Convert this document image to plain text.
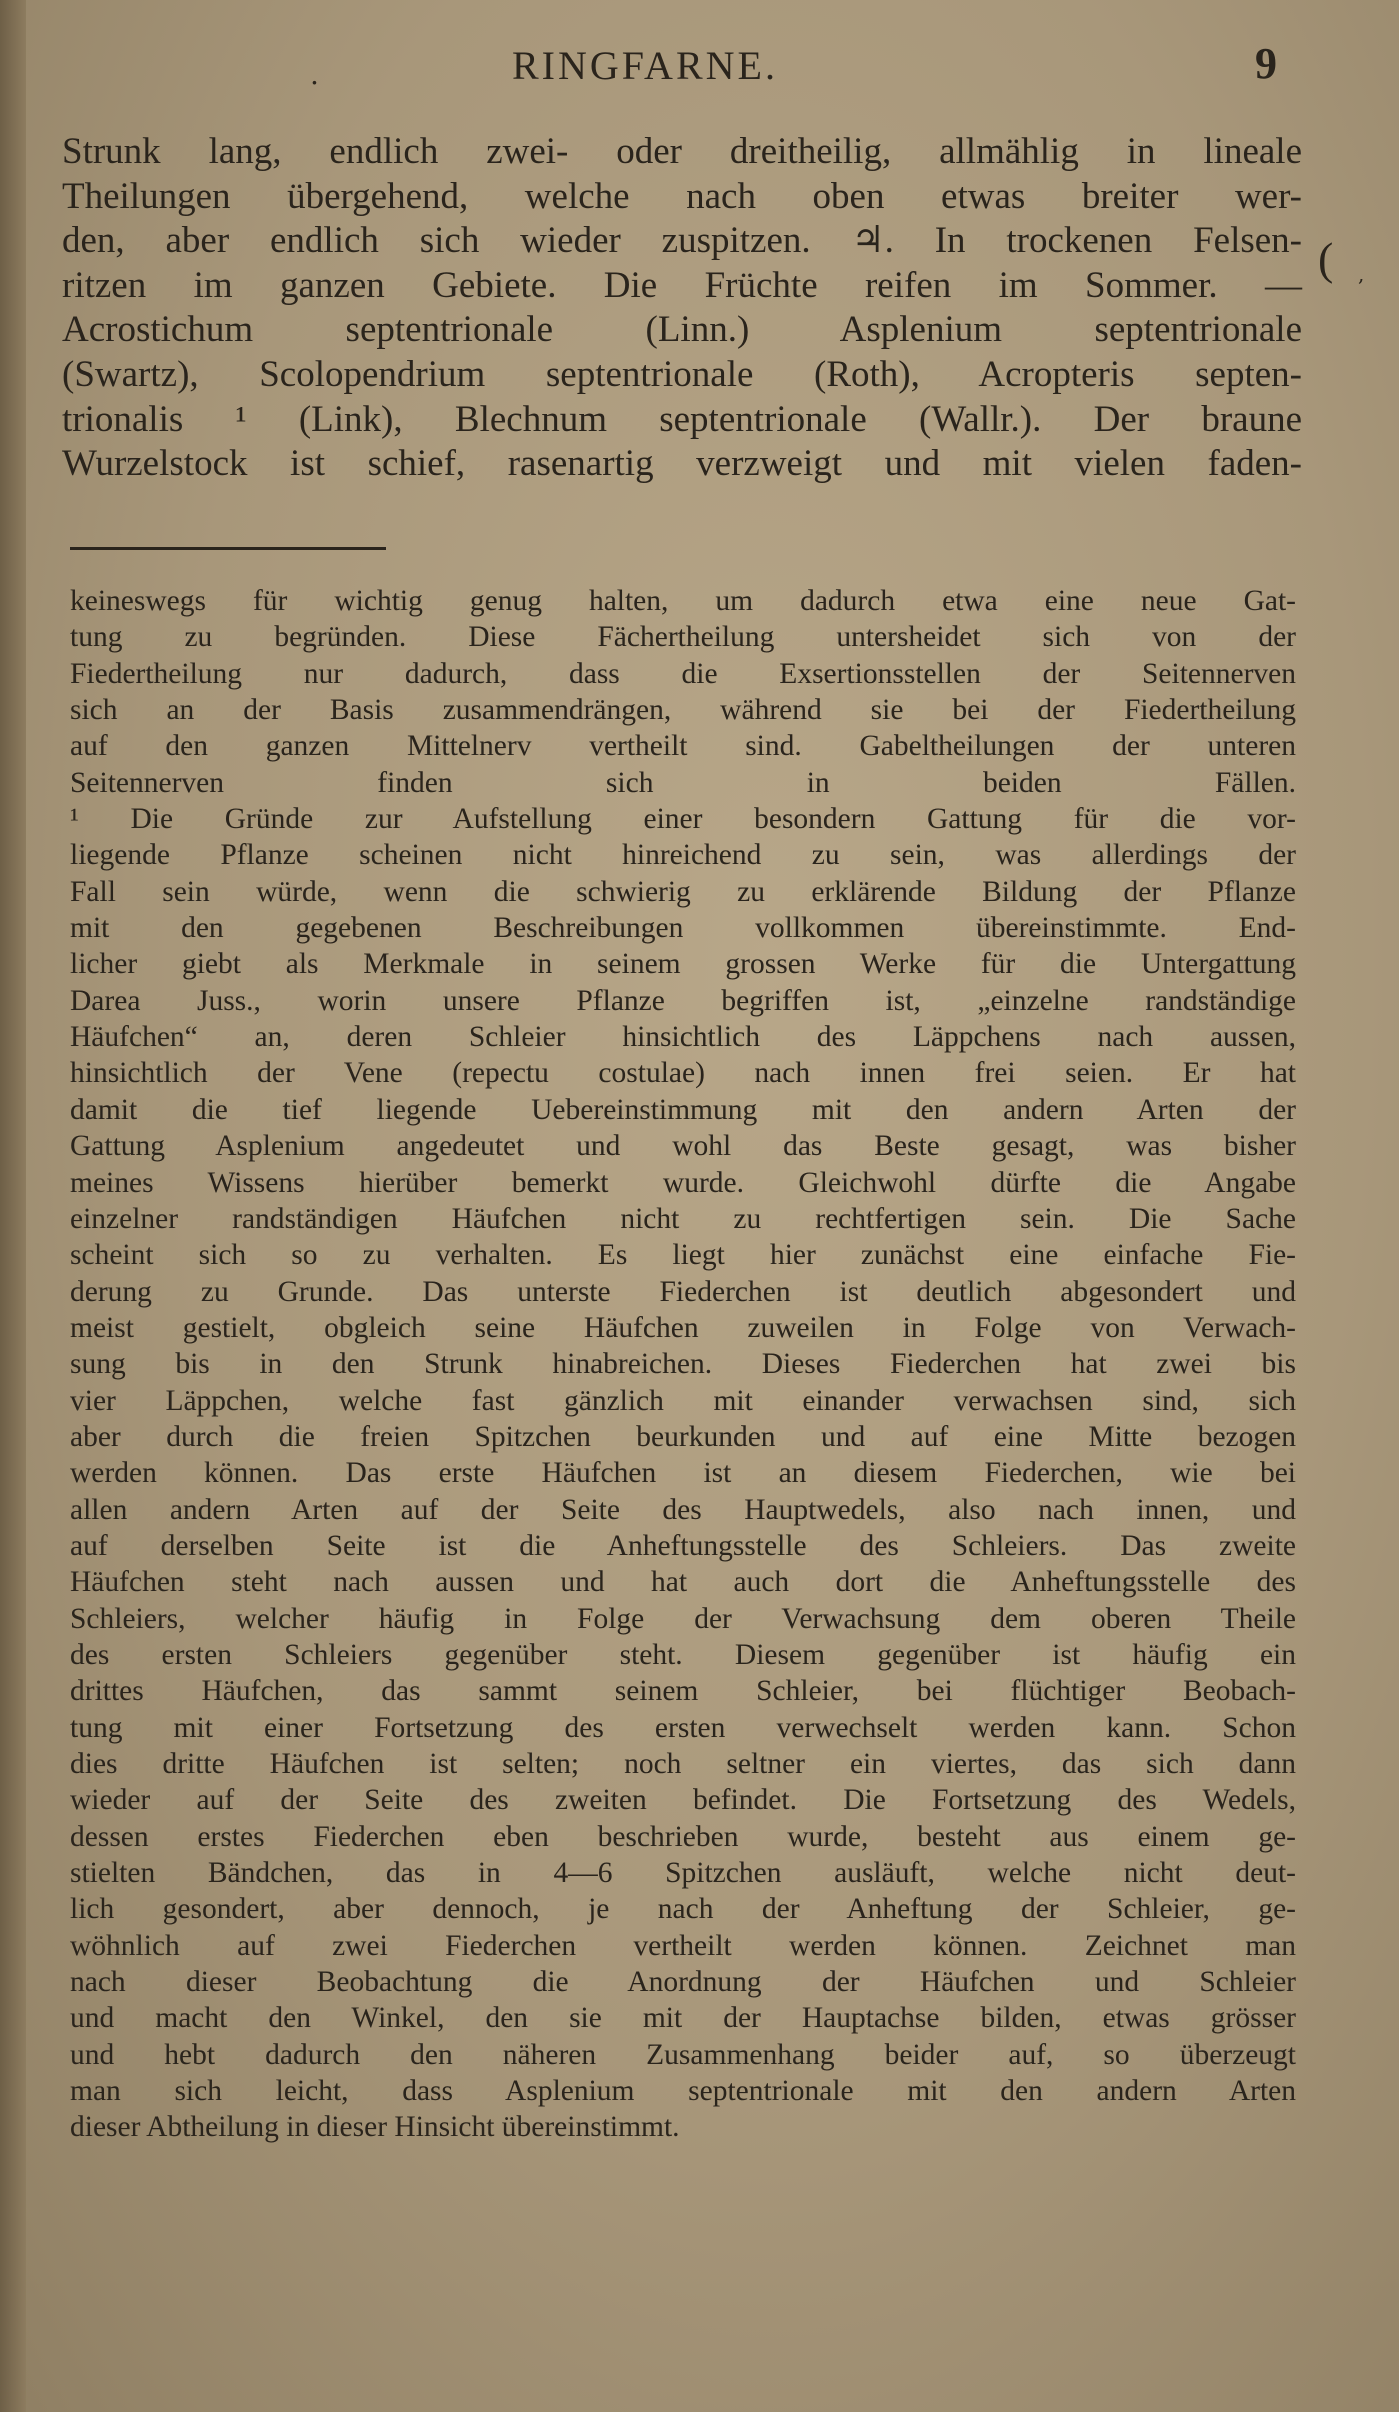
.	RINGFARNE.	9
( ,
Strunk lang, endlich zwei- oder dreitheilig, allmählig in lineale
Theilungen übergehend, welche nach oben etwas breiter wer-
den, aber endlich sich wieder zuspitzen. ♃. In trockenen Felsen-
ritzen im ganzen Gebiete. Die Früchte reifen im Sommer. —
Acrostichum septentrionale (Linn.) Asplenium septentrionale
(Swartz), Scolopendrium septentrionale (Roth), Acropteris septen-
trionalis ¹ (Link), Blechnum septentrionale (Wallr.). Der braune
Wurzelstock ist schief, rasenartig verzweigt und mit vielen faden-
keineswegs für wichtig genug halten, um dadurch etwa eine neue Gat-
tung zu begründen. Diese Fächertheilung untersheidet sich von der
Fiedertheilung nur dadurch, dass die Exsertionsstellen der Seitennerven
sich an der Basis zusammendrängen, während sie bei der Fiedertheilung
auf den ganzen Mittelnerv vertheilt sind. Gabeltheilungen der unteren
Seitennerven finden sich in beiden Fällen.
¹ Die Gründe zur Aufstellung einer besondern Gattung für die vor-
liegende Pflanze scheinen nicht hinreichend zu sein, was allerdings der
Fall sein würde, wenn die schwierig zu erklärende Bildung der Pflanze
mit den gegebenen Beschreibungen vollkommen übereinstimmte. End-
licher giebt als Merkmale in seinem grossen Werke für die Untergattung
Darea Juss., worin unsere Pflanze begriffen ist, „einzelne randständige
Häufchen“ an, deren Schleier hinsichtlich des Läppchens nach aussen,
hinsichtlich der Vene (repectu costulae) nach innen frei seien. Er hat
damit die tief liegende Uebereinstimmung mit den andern Arten der
Gattung Asplenium angedeutet und wohl das Beste gesagt, was bisher
meines Wissens hierüber bemerkt wurde. Gleichwohl dürfte die Angabe
einzelner randständigen Häufchen nicht zu rechtfertigen sein. Die Sache
scheint sich so zu verhalten. Es liegt hier zunächst eine einfache Fie-
derung zu Grunde. Das unterste Fiederchen ist deutlich abgesondert und
meist gestielt, obgleich seine Häufchen zuweilen in Folge von Verwach-
sung bis in den Strunk hinabreichen. Dieses Fiederchen hat zwei bis
vier Läppchen, welche fast gänzlich mit einander verwachsen sind, sich
aber durch die freien Spitzchen beurkunden und auf eine Mitte bezogen
werden können. Das erste Häufchen ist an diesem Fiederchen, wie bei
allen andern Arten auf der Seite des Hauptwedels, also nach innen, und
auf derselben Seite ist die Anheftungsstelle des Schleiers. Das zweite
Häufchen steht nach aussen und hat auch dort die Anheftungsstelle des
Schleiers, welcher häufig in Folge der Verwachsung dem oberen Theile
des ersten Schleiers gegenüber steht. Diesem gegenüber ist häufig ein
drittes Häufchen, das sammt seinem Schleier, bei flüchtiger Beobach-
tung mit einer Fortsetzung des ersten verwechselt werden kann. Schon
dies dritte Häufchen ist selten; noch seltner ein viertes, das sich dann
wieder auf der Seite des zweiten befindet. Die Fortsetzung des Wedels,
dessen erstes Fiederchen eben beschrieben wurde, besteht aus einem ge-
stielten Bändchen, das in 4—6 Spitzchen ausläuft, welche nicht deut-
lich gesondert, aber dennoch, je nach der Anheftung der Schleier, ge-
wöhnlich auf zwei Fiederchen vertheilt werden können. Zeichnet man
nach dieser Beobachtung die Anordnung der Häufchen und Schleier
und macht den Winkel, den sie mit der Hauptachse bilden, etwas grösser
und hebt dadurch den näheren Zusammenhang beider auf, so überzeugt
man sich leicht, dass Asplenium septentrionale mit den andern Arten
dieser Abtheilung in dieser Hinsicht übereinstimmt.
